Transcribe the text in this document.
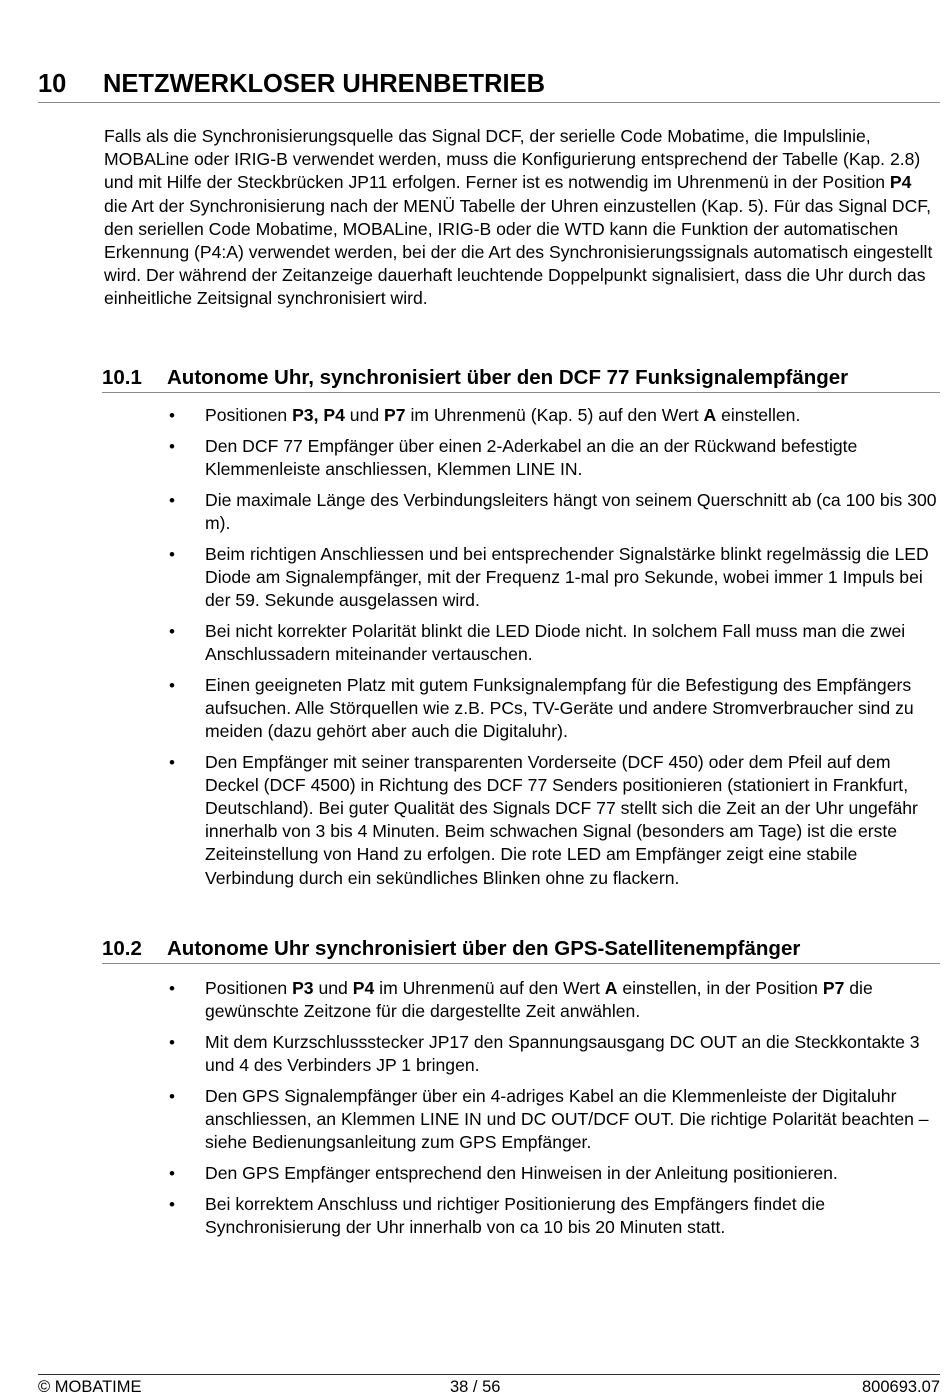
10 NETZWERKLOSER UHRENBETRIEB

Falls als die Synchronisierungsquelle das Signal DCF, der serielle Code Mobatime, die Impulslinie, MOBALine oder IRIG-B verwendet werden, muss die Konfigurierung entsprechend der Tabelle (Kap. 2.8) und mit Hilfe der Steckbrücken JP11 erfolgen. Ferner ist es notwendig im Uhrenmenü in der Position P4 die Art der Synchronisierung nach der MENÜ Tabelle der Uhren einzustellen (Kap. 5). Für das Signal DCF, den seriellen Code Mobatime, MOBALine, IRIG-B oder die WTD kann die Funktion der automatischen Erkennung (P4:A) verwendet werden, bei der die Art des Synchronisierungssignals automatisch eingestellt wird. Der während der Zeitanzeige dauerhaft leuchtende Doppelpunkt signalisiert, dass die Uhr durch das einheitliche Zeitsignal synchronisiert wird.

10.1 Autonome Uhr, synchronisiert über den DCF 77 Funksignalempfänger
• Positionen P3, P4 und P7 im Uhrenmenü (Kap. 5) auf den Wert A einstellen.
• Den DCF 77 Empfänger über einen 2-Aderkabel an die an der Rückwand befestigte Klemmenleiste anschliessen, Klemmen LINE IN.
• Die maximale Länge des Verbindungsleiters hängt von seinem Querschnitt ab (ca 100 bis 300 m).
• Beim richtigen Anschliessen und bei entsprechender Signalstärke blinkt regelmässig die LED Diode am Signalempfänger, mit der Frequenz 1-mal pro Sekunde, wobei immer 1 Impuls bei der 59. Sekunde ausgelassen wird.
• Bei nicht korrekter Polarität blinkt die LED Diode nicht. In solchem Fall muss man die zwei Anschlussadern miteinander vertauschen.
• Einen geeigneten Platz mit gutem Funksignalempfang für die Befestigung des Empfängers aufsuchen. Alle Störquellen wie z.B. PCs, TV-Geräte und andere Stromverbraucher sind zu meiden (dazu gehört aber auch die Digitaluhr).
• Den Empfänger mit seiner transparenten Vorderseite (DCF 450) oder dem Pfeil auf dem Deckel (DCF 4500) in Richtung des DCF 77 Senders positionieren (stationiert in Frankfurt, Deutschland). Bei guter Qualität des Signals DCF 77 stellt sich die Zeit an der Uhr ungefähr innerhalb von 3 bis 4 Minuten. Beim schwachen Signal (besonders am Tage) ist die erste Zeiteinstellung von Hand zu erfolgen. Die rote LED am Empfänger zeigt eine stabile Verbindung durch ein sekündliches Blinken ohne zu flackern.
10.2 Autonome Uhr synchronisiert über den GPS-Satellitenempfänger
• Positionen P3 und P4 im Uhrenmenü auf den Wert A einstellen, in der Position P7 die gewünschte Zeitzone für die dargestellte Zeit anwählen.
• Mit dem Kurzschlussstecker JP17 den Spannungsausgang DC OUT an die Steckkontakte 3 und 4 des Verbinders JP 1 bringen.
• Den GPS Signalempfänger über ein 4-adriges Kabel an die Klemmenleiste der Digitaluhr anschliessen, an Klemmen LINE IN und DC OUT/DCF OUT. Die richtige Polarität beachten – siehe Bedienungsanleitung zum GPS Empfänger.
• Den GPS Empfänger entsprechend den Hinweisen in der Anleitung positionieren.
• Bei korrektem Anschluss und richtiger Positionierung des Empfängers findet die Synchronisierung der Uhr innerhalb von ca 10 bis 20 Minuten statt.
© MOBATIME	38 / 56	800693.07
